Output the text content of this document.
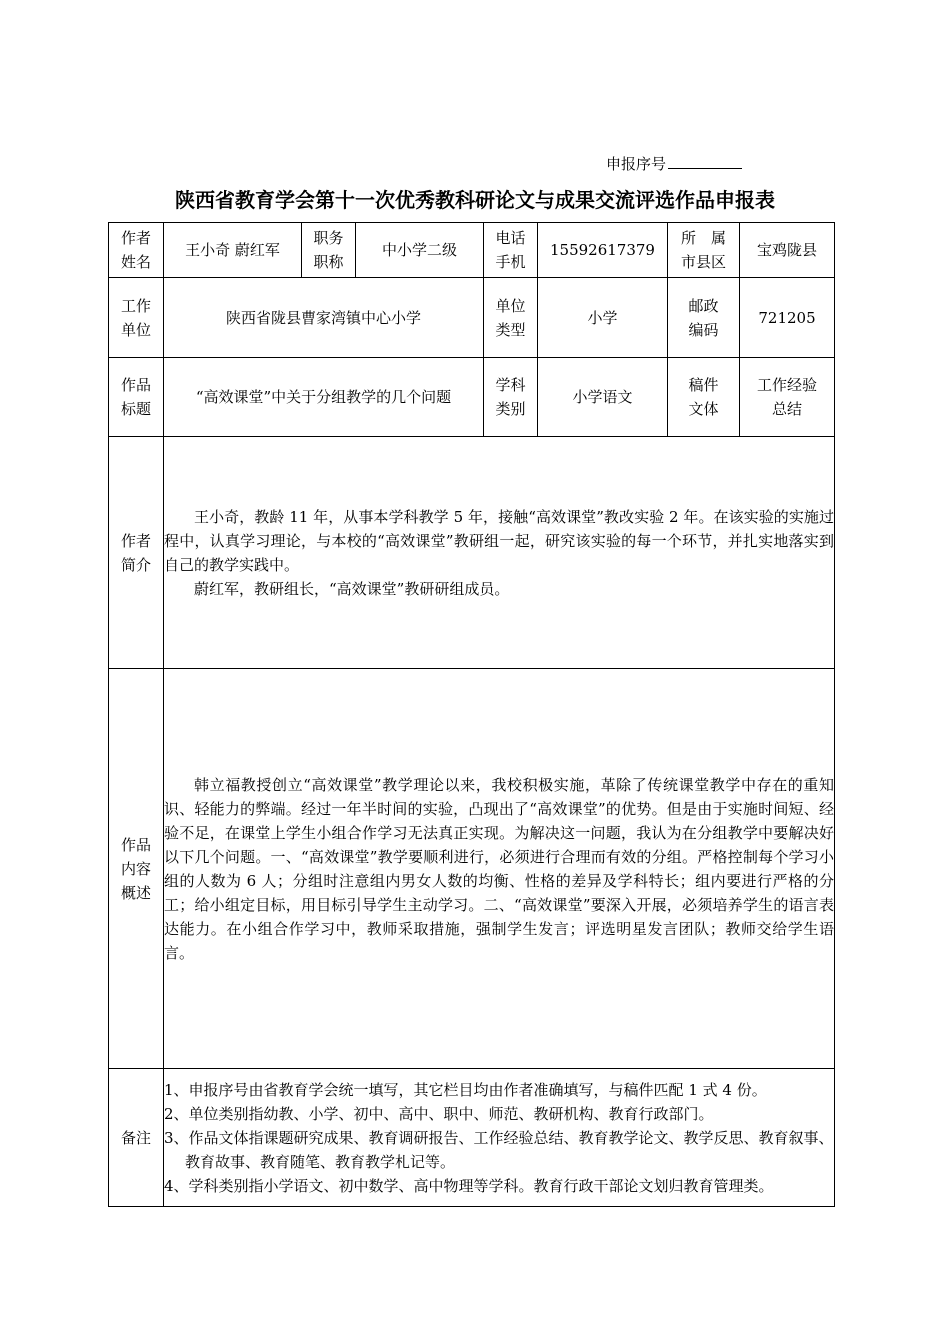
申报序号
陕西省教育学会第十一次优秀教科研论文与成果交流评选作品申报表
作者姓名	王小奇 蔚红军	职务职称	中小学二级	电话手机	15592617379	所　属市县区	宝鸡陇县
工作单位	陕西省陇县曹家湾镇中心小学			单位类型	小学	邮政编码	721205
作品标题	“高效课堂”中关于分组教学的几个问题			学科类别	小学语文	稿件文体	工作经验总结
作者简介	王小奇，教龄 11 年，从事本学科教学 5 年，接触“高效课堂”教改实验 2 年。在该实验的实施过程中，认真学习理论，与本校的“高效课堂”教研组一起，研究该实验的每一个环节，并扎实地落实到自己的教学实践中。

蔚红军，教研组长，“高效课堂”教研研组成员。						

作品内容概述	韩立福教授创立“高效课堂”教学理论以来，我校积极实施，革除了传统课堂教学中存在的重知识、轻能力的弊端。经过一年半时间的实验，凸现出了“高效课堂”的优势。但是由于实施时间短、经验不足，在课堂上学生小组合作学习无法真正实现。为解决这一问题，我认为在分组教学中要解决好以下几个问题。一、“高效课堂”教学要顺利进行，必须进行合理而有效的分组。严格控制每个学习小组的人数为 6 人；分组时注意组内男女人数的均衡、性格的差异及学科特长；组内要进行严格的分工；给小组定目标，用目标引导学生主动学习。二、“高效课堂”要深入开展，必须培养学生的语言表达能力。在小组合作学习中，教师采取措施，强制学生发言；评选明星发言团队；教师交给学生语言。						

备注	1、申报序号由省教育学会统一填写，其它栏目均由作者准确填写，与稿件匹配 1 式 4 份。
2、单位类别指幼教、小学、初中、高中、职中、师范、教研机构、教育行政部门。
3、作品文体指课题研究成果、教育调研报告、工作经验总结、教育教学论文、教学反思、教育叙事、教育故事、教育随笔、教育教学札记等。
4、学科类别指小学语文、初中数学、高中物理等学科。教育行政干部论文划归教育管理类。						
